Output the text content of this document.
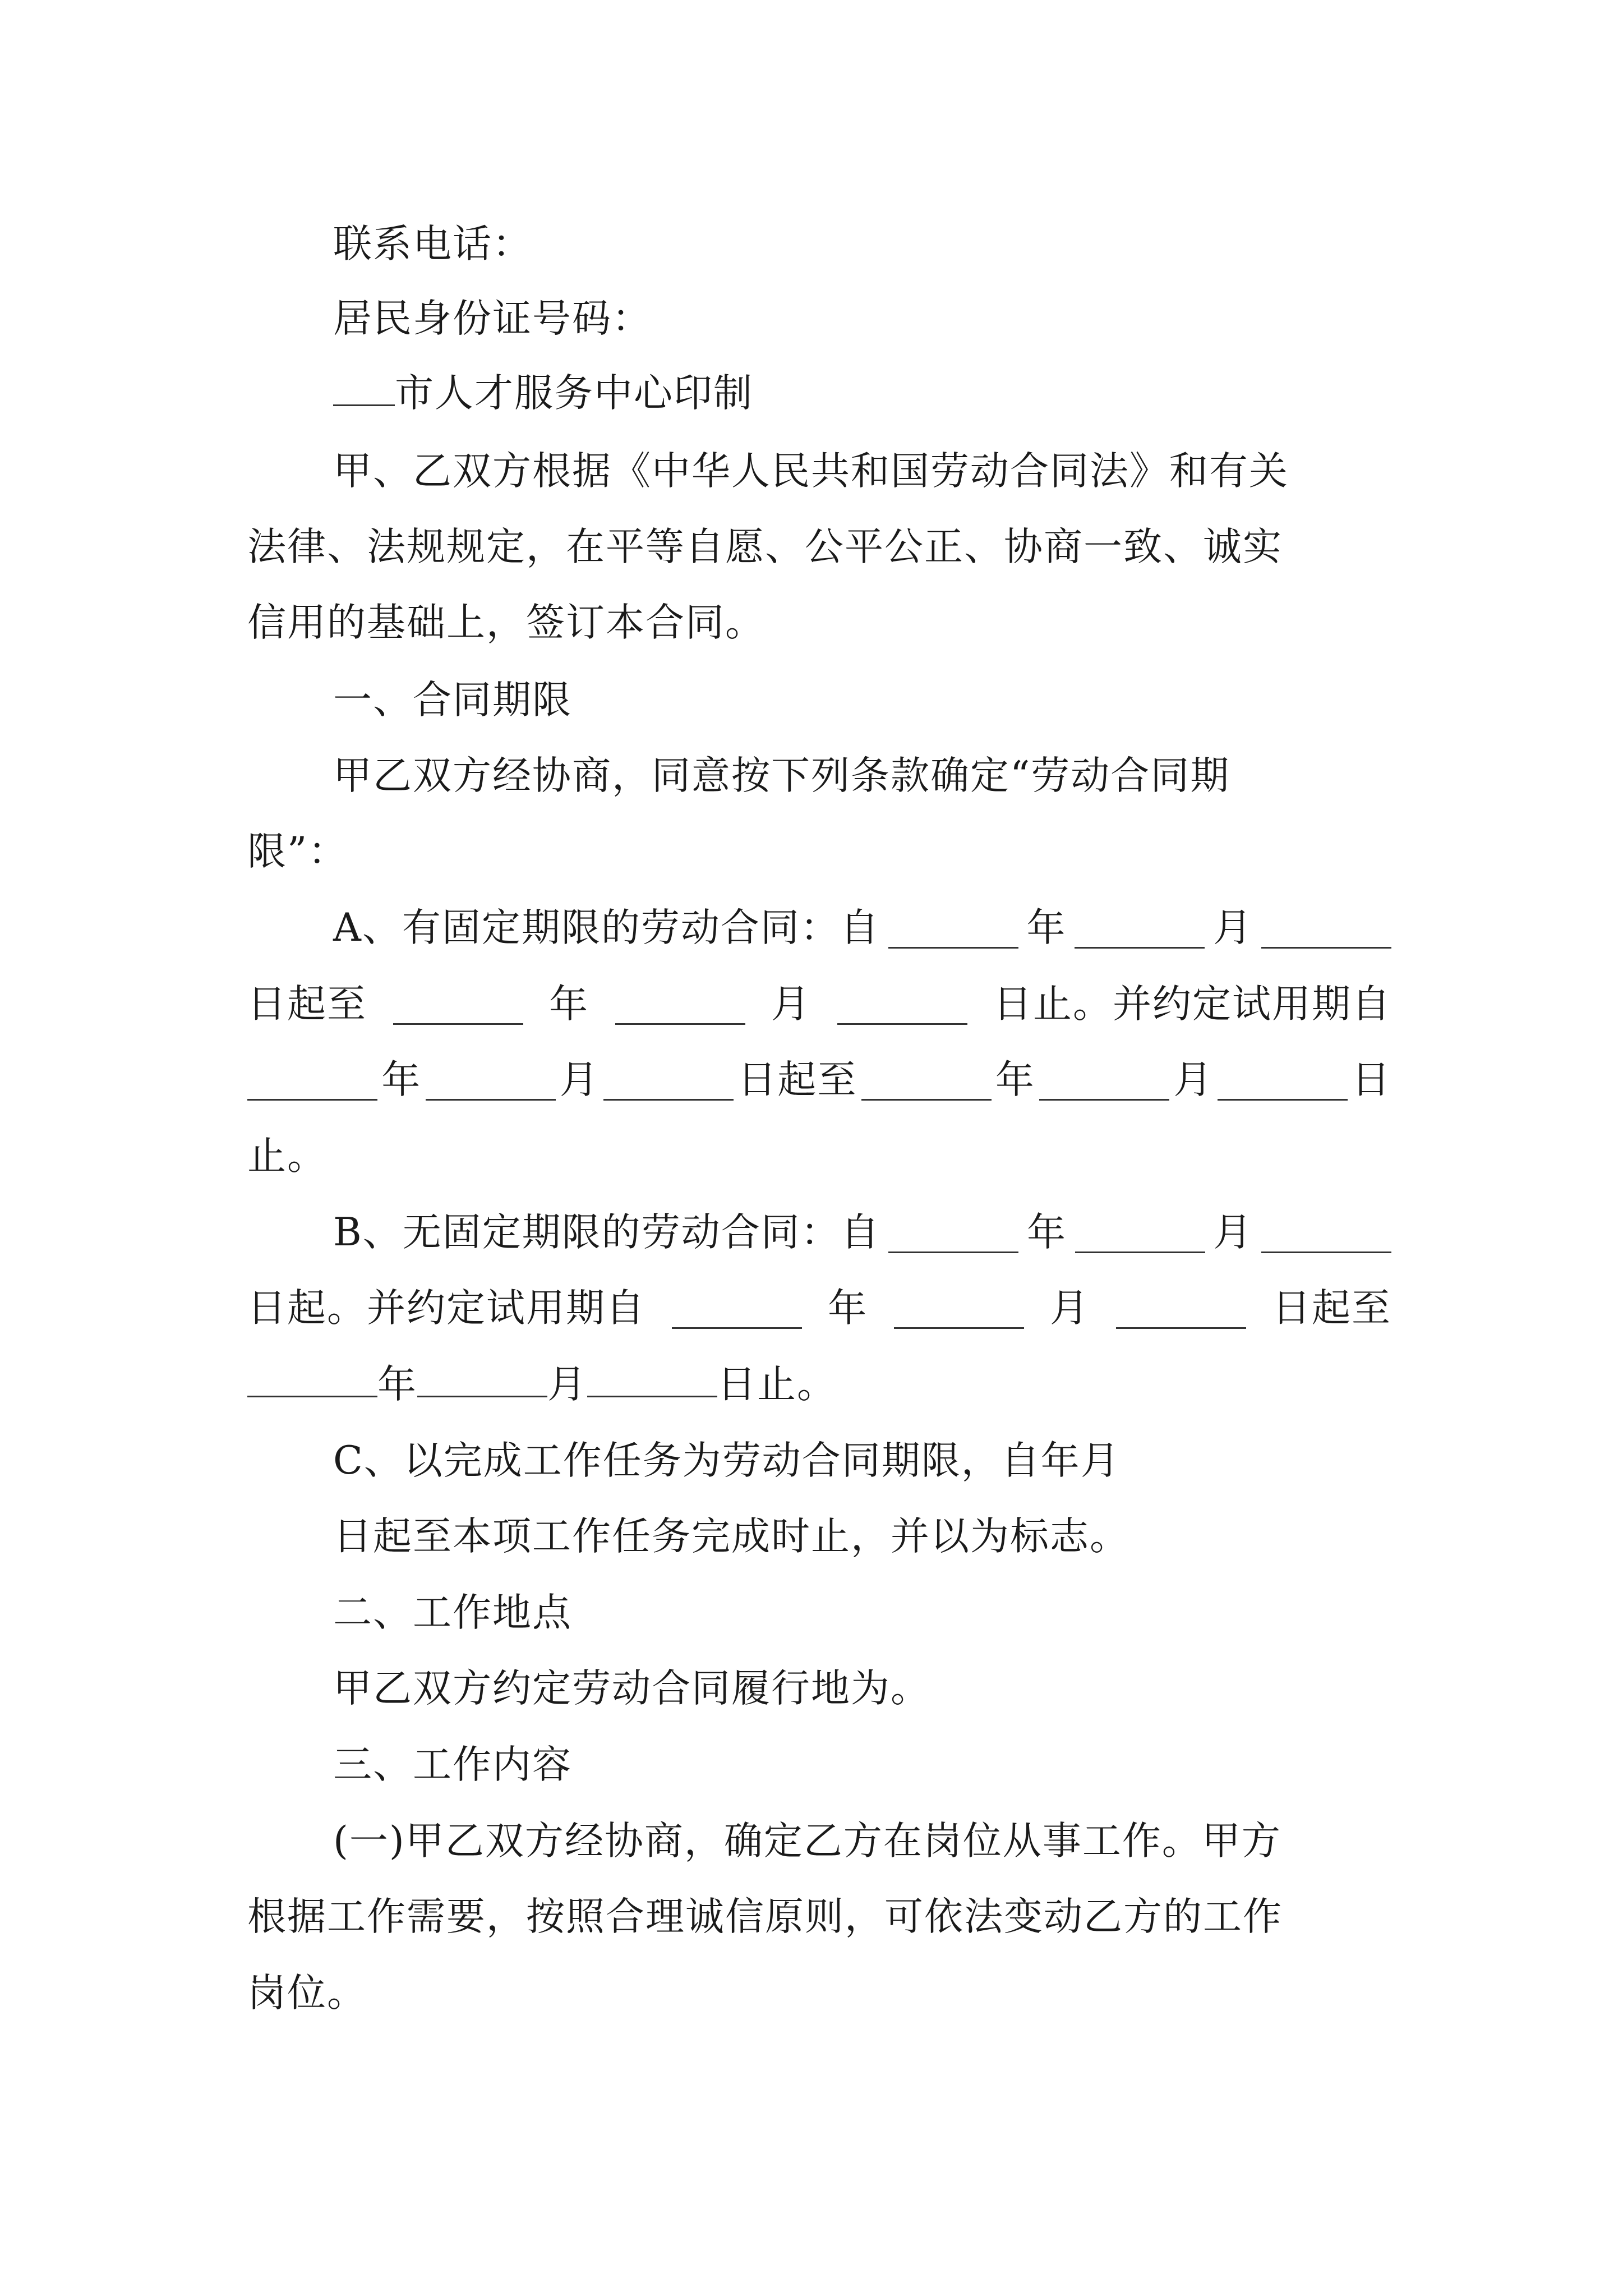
联系电话：
居民身份证号码：
市人才服务中心印制
甲、乙双方根据《中华人民共和国劳动合同法》和有关
法律、法规规定，在平等自愿、公平公正、协商一致、诚实
信用的基础上，签订本合同。
一、合同期限
甲乙双方经协商，同意按下列条款确定“劳动合同期
限”：
A、有固定期限的劳动合同：自	年	月
日起至	年	月	日止。并约定试用期自
年	月	日起至	年	月	日
止。
B、无固定期限的劳动合同：自	年	月
日起。并约定试用期自	年	月	日起至
年	月	日止。
C、以完成工作任务为劳动合同期限，自年月
日起至本项工作任务完成时止，并以为标志。
二、工作地点
甲乙双方约定劳动合同履行地为。
三、工作内容
(一)甲乙双方经协商，确定乙方在岗位从事工作。甲方
根据工作需要，按照合理诚信原则，可依法变动乙方的工作
岗位。
